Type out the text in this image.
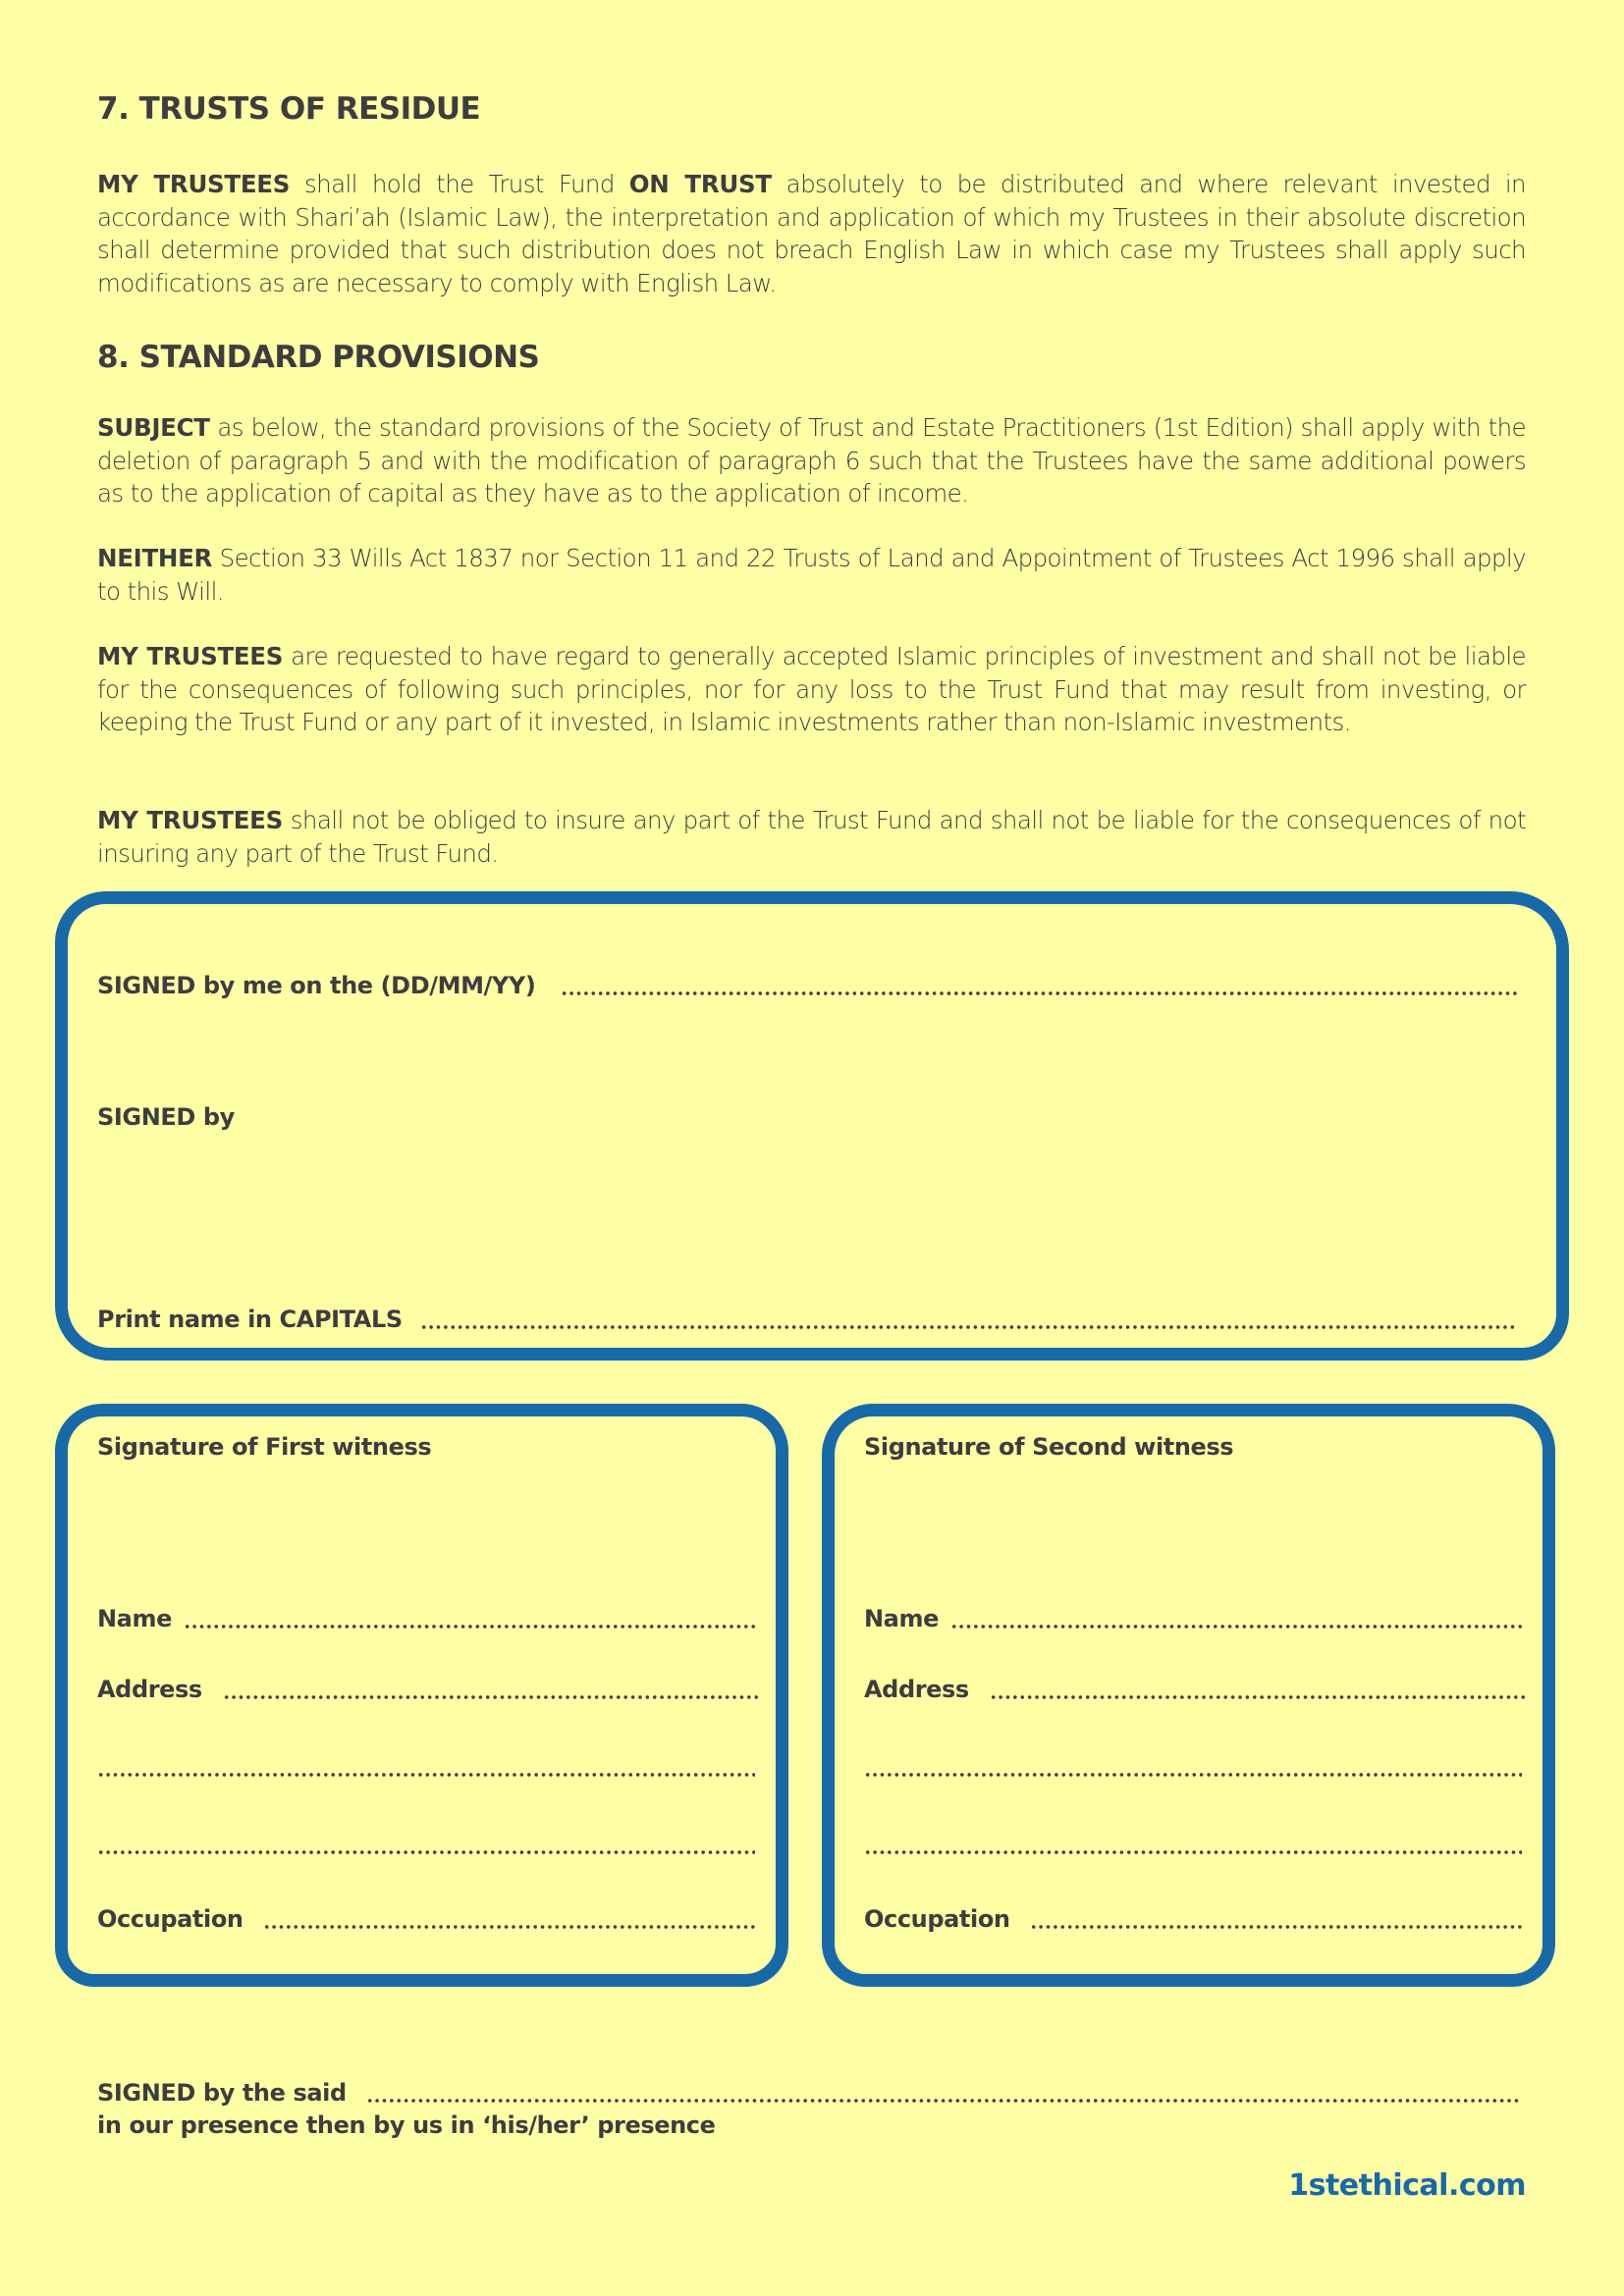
7. TRUSTS OF RESIDUE

MY TRUSTEES shall hold the Trust Fund ON TRUST absolutely to be distributed and where relevant invested in accordance with Shari’ah (Islamic Law), the interpretation and application of which my Trustees in their absolute discretion shall determine provided that such distribution does not breach English Law in which case my Trustees shall apply such modifications as are necessary to comply with English Law.

8. STANDARD PROVISIONS

SUBJECT as below, the standard provisions of the Society of Trust and Estate Practitioners (1st Edition) shall apply with the deletion of paragraph 5 and with the modification of paragraph 6 such that the Trustees have the same additional powers as to the application of capital as they have as to the application of income.

NEITHER Section 33 Wills Act 1837 nor Section 11 and 22 Trusts of Land and Appointment of Trustees Act 1996 shall apply to this Will.

MY TRUSTEES are requested to have regard to generally accepted Islamic principles of investment and shall not be liable for the consequences of following such principles, nor for any loss to the Trust Fund that may result from investing, or keeping the Trust Fund or any part of it invested, in Islamic investments rather than non-Islamic investments.

MY TRUSTEES shall not be obliged to insure any part of the Trust Fund and shall not be liable for the consequences of not insuring any part of the Trust Fund.

SIGNED by me on the (DD/MM/YY)
SIGNED by
Print name in CAPITALS
Signature of First witness
Name
Address
Occupation
Signature of Second witness
Name
Address
Occupation
SIGNED by the said
in our presence then by us in ‘his/her’ presence
1stethical.com
